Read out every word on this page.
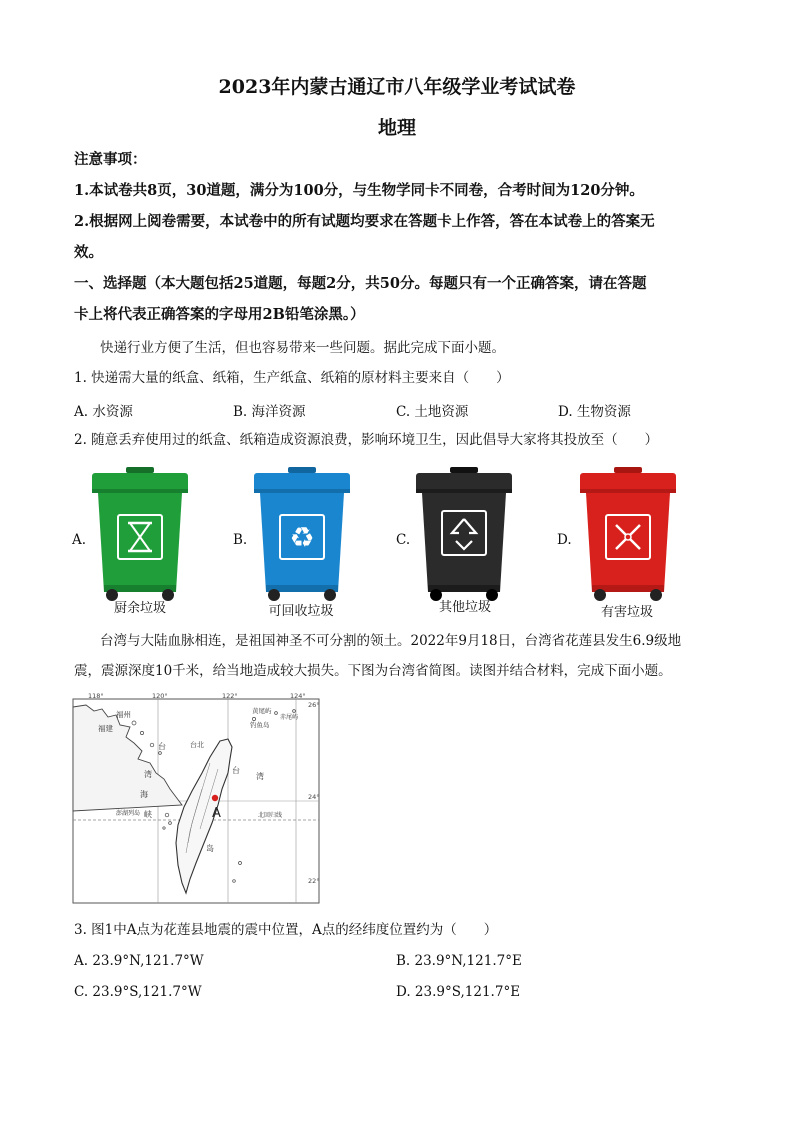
2023年内蒙古通辽市八年级学业考试试卷
地理
注意事项：
1.本试卷共8页，30道题，满分为100分，与生物学同卡不同卷，合考时间为120分钟。
2.根据网上阅卷需要，本试卷中的所有试题均要求在答题卡上作答，答在本试卷上的答案无
效。
一、选择题（本大题包括25道题，每题2分，共50分。每题只有一个正确答案，请在答题
卡上将代表正确答案的字母用2B铅笔涂黑。）
快递行业方便了生活，但也容易带来一些问题。据此完成下面小题。
1. 快递需大量的纸盒、纸箱，生产纸盒、纸箱的原材料主要来自（　　）
A. 水资源	B. 海洋资源	C. 土地资源	D. 生物资源
2. 随意丢弃使用过的纸盒、纸箱造成资源浪费，影响环境卫生，因此倡导大家将其投放至（　　）
A.	B.	C.	D.
厨余垃圾
♻
可回收垃圾	其他垃圾	有害垃圾
台湾与大陆血脉相连，是祖国神圣不可分割的领土。2022年9月18日，台湾省花莲县发生6.9级地
震，震源深度10千米，给当地造成较大损失。下图为台湾省简图。读图并结合材料，完成下面小题。
118°	120°	122°	124°
26°
24°
22°
福州
福建
台
湾
海
峡
澎湖列岛
台北
黄尾屿
钓鱼岛
赤尾屿
台
湾
岛
北回归线
A
3. 图1中A点为花莲县地震的震中位置，A点的经纬度位置约为（　　）
A. 23.9°N,121.7°W	B. 23.9°N,121.7°E
C. 23.9°S,121.7°W	D. 23.9°S,121.7°E
